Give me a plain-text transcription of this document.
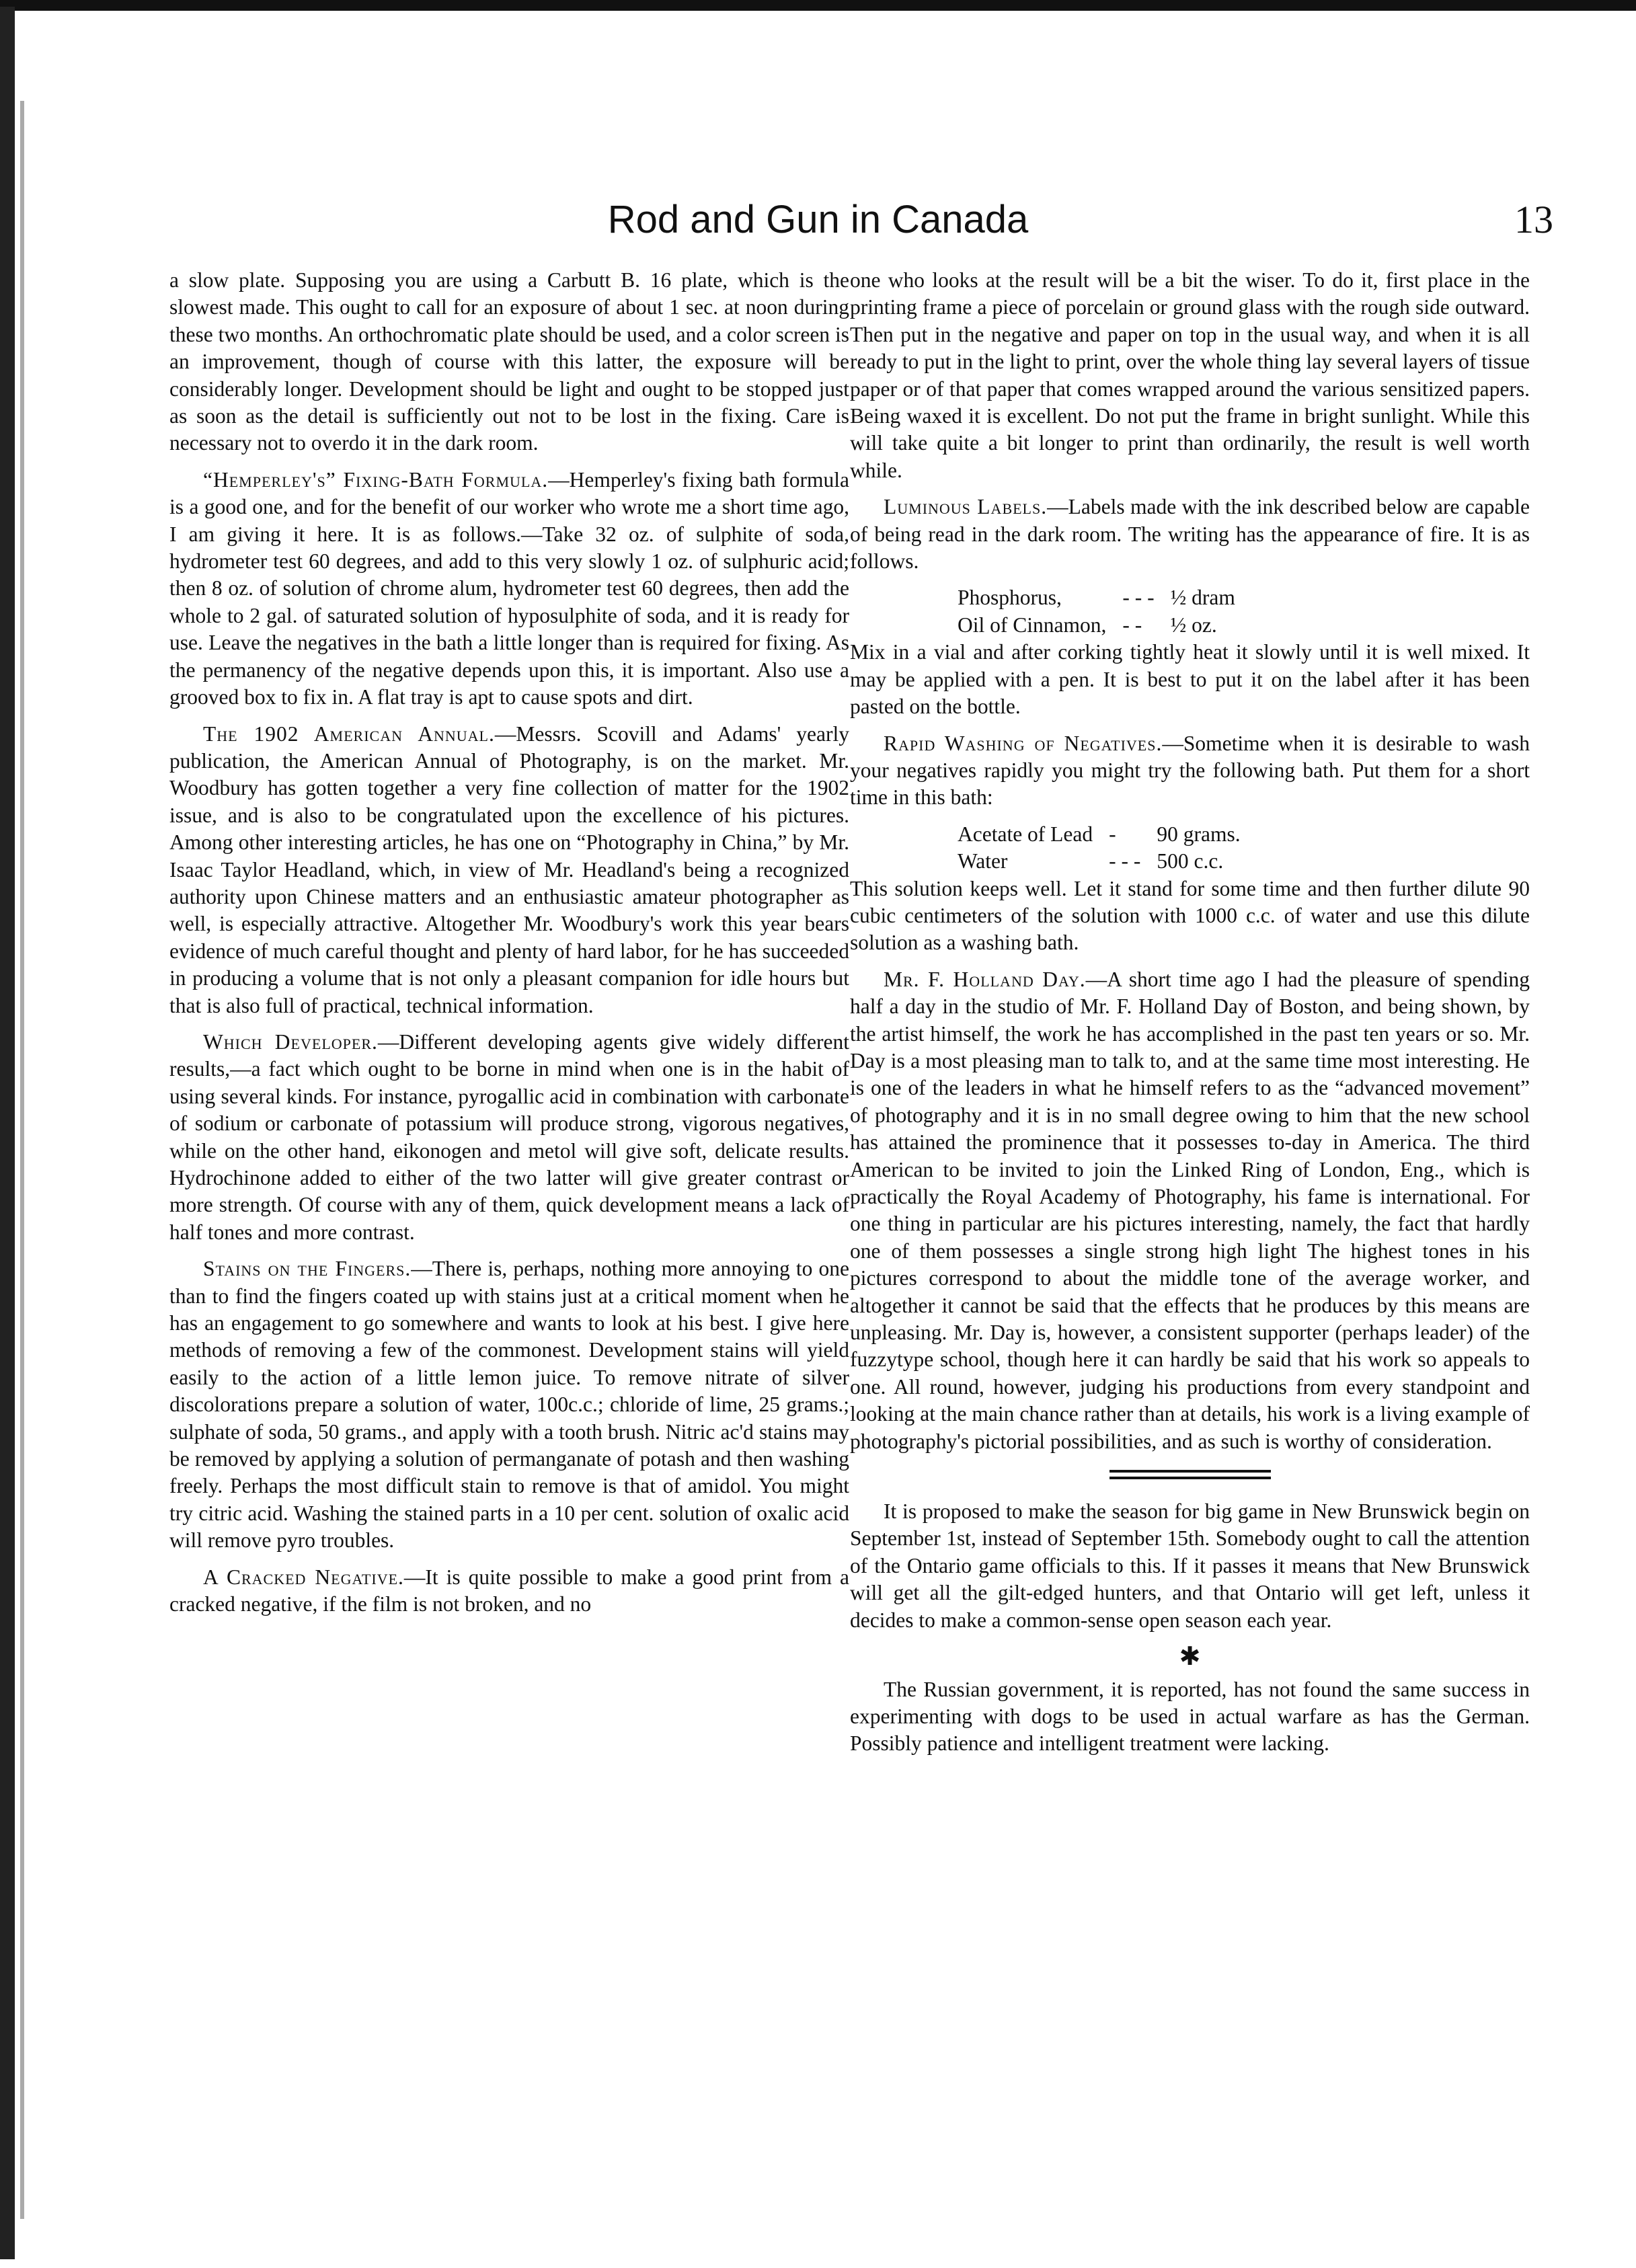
Rod and Gun in Canada	13

a slow plate. Supposing you are using a Carbutt B. 16 plate, which is the slowest made. This ought to call for an exposure of about 1 sec. at noon during these two months. An orthochromatic plate should be used, and a color screen is an improvement, though of course with this latter, the exposure will be considerably longer. Development should be light and ought to be stopped just as soon as the detail is sufficiently out not to be lost in the fixing. Care is necessary not to overdo it in the dark room.

“Hemperley's” Fixing-Bath Formula.—Hemperley's fixing bath formula is a good one, and for the benefit of our worker who wrote me a short time ago, I am giving it here. It is as follows.—Take 32 oz. of sulphite of soda, hydrometer test 60 degrees, and add to this very slowly 1 oz. of sulphuric acid; then 8 oz. of solution of chrome alum, hydrometer test 60 degrees, then add the whole to 2 gal. of saturated solution of hyposulphite of soda, and it is ready for use. Leave the negatives in the bath a little longer than is required for fixing. As the permanency of the negative depends upon this, it is important. Also use a grooved box to fix in. A flat tray is apt to cause spots and dirt.

The 1902 American Annual.—Messrs. Scovill and Adams' yearly publication, the American Annual of Photography, is on the market. Mr. Woodbury has gotten together a very fine collection of matter for the 1902 issue, and is also to be congratulated upon the excellence of his pictures. Among other interesting articles, he has one on “Photography in China,” by Mr. Isaac Taylor Headland, which, in view of Mr. Headland's being a recognized authority upon Chinese matters and an enthusiastic amateur photographer as well, is especially attractive. Altogether Mr. Woodbury's work this year bears evidence of much careful thought and plenty of hard labor, for he has succeeded in producing a volume that is not only a pleasant companion for idle hours but that is also full of practical, technical information.

Which Developer.—Different developing agents give widely different results,—a fact which ought to be borne in mind when one is in the habit of using several kinds. For instance, pyrogallic acid in combination with carbonate of sodium or carbonate of potassium will produce strong, vigorous negatives, while on the other hand, eikonogen and metol will give soft, delicate results. Hydrochinone added to either of the two latter will give greater contrast or more strength. Of course with any of them, quick development means a lack of half tones and more contrast.

Stains on the Fingers.—There is, perhaps, nothing more annoying to one than to find the fingers coated up with stains just at a critical moment when he has an engagement to go somewhere and wants to look at his best. I give here methods of removing a few of the commonest. Development stains will yield easily to the action of a little lemon juice. To remove nitrate of silver discolorations prepare a solution of water, 100c.c.; chloride of lime, 25 grams.; sulphate of soda, 50 grams., and apply with a tooth brush. Nitric ac'd stains may be removed by applying a solution of permanganate of potash and then washing freely. Perhaps the most difficult stain to remove is that of amidol. You might try citric acid. Washing the stained parts in a 10 per cent. solution of oxalic acid will remove pyro troubles.

A Cracked Negative.—It is quite possible to make a good print from a cracked negative, if the film is not broken, and no

one who looks at the result will be a bit the wiser. To do it, first place in the printing frame a piece of porcelain or ground glass with the rough side outward. Then put in the negative and paper on top in the usual way, and when it is all ready to put in the light to print, over the whole thing lay several layers of tissue paper or of that paper that comes wrapped around the various sensitized papers. Being waxed it is excellent. Do not put the frame in bright sunlight. While this will take quite a bit longer to print than ordinarily, the result is well worth while.

Luminous Labels.—Labels made with the ink described below are capable of being read in the dark room. The writing has the appearance of fire. It is as follows.

Phosphorus,	- - -	½ dram
Oil of Cinnamon,	- -	½ oz.

Mix in a vial and after corking tightly heat it slowly until it is well mixed. It may be applied with a pen. It is best to put it on the label after it has been pasted on the bottle.

Rapid Washing of Negatives.—Sometime when it is desirable to wash your negatives rapidly you might try the following bath. Put them for a short time in this bath:

Acetate of Lead	-	90 grams.
Water	- - -	500 c.c.

This solution keeps well. Let it stand for some time and then further dilute 90 cubic centimeters of the solution with 1000 c.c. of water and use this dilute solution as a washing bath.

Mr. F. Holland Day.—A short time ago I had the pleasure of spending half a day in the studio of Mr. F. Holland Day of Boston, and being shown, by the artist himself, the work he has accomplished in the past ten years or so. Mr. Day is a most pleasing man to talk to, and at the same time most interesting. He is one of the leaders in what he himself refers to as the “advanced movement” of photography and it is in no small degree owing to him that the new school has attained the prominence that it possesses to-day in America. The third American to be invited to join the Linked Ring of London, Eng., which is practically the Royal Academy of Photography, his fame is international. For one thing in particular are his pictures interesting, namely, the fact that hardly one of them possesses a single strong high light The highest tones in his pictures correspond to about the middle tone of the average worker, and altogether it cannot be said that the effects that he produces by this means are unpleasing. Mr. Day is, however, a consistent supporter (perhaps leader) of the fuzzytype school, though here it can hardly be said that his work so appeals to one. All round, however, judging his productions from every standpoint and looking at the main chance rather than at details, his work is a living example of photography's pictorial possibilities, and as such is worthy of consideration.

It is proposed to make the season for big game in New Brunswick begin on September 1st, instead of September 15th. Somebody ought to call the attention of the Ontario game officials to this. If it passes it means that New Brunswick will get all the gilt-edged hunters, and that Ontario will get left, unless it decides to make a common-sense open season each year.

✱

The Russian government, it is reported, has not found the same success in experimenting with dogs to be used in actual warfare as has the German. Possibly patience and intelligent treatment were lacking.
